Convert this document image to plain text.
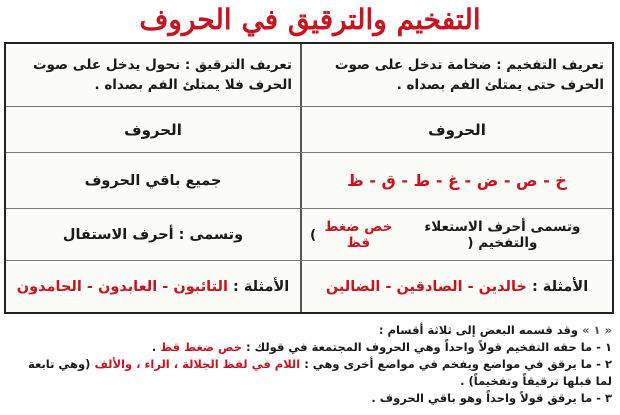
التفخيم والترقيق في الحروف
تعريف التفخيم : ضخامة تدخل على صوت الحرف حتى يمتلئ الفم بصداه .
تعريف الترقيق : نحول يدخل على صوت الحرف فلا يمتلئ الفم بصداه .
الحروف
الحروف
خ - ص - ض - غ - ط - ق - ظ
جميع باقي الحروف
وتسمى أحرف الاستعلاء والتفخيم (
خص ضغط قظ
)
وتسمى : أحرف الاستفال
الأمثلة :

خالدين - الصادقين - الضالين
الأمثلة :

التائبون - العابدون - الحامدون
« ١ » وقد قسمه البعض إلى ثلاثة أقسام :
١ - ما حقه التفخيم قولاً واحداً وهي الحروف المجتمعة في قولك : خص ضغط قظ .
٢ - ما يرقق في مواضع ويفخم في مواضع أخرى وهي : اللام في لفظ الجلالة ، الراء ، والألف (وهي تابعة لما قبلها ترقيقاً وتفخيماً) .
٣ - ما يرقق قولاً واحداً وهو باقي الحروف .
